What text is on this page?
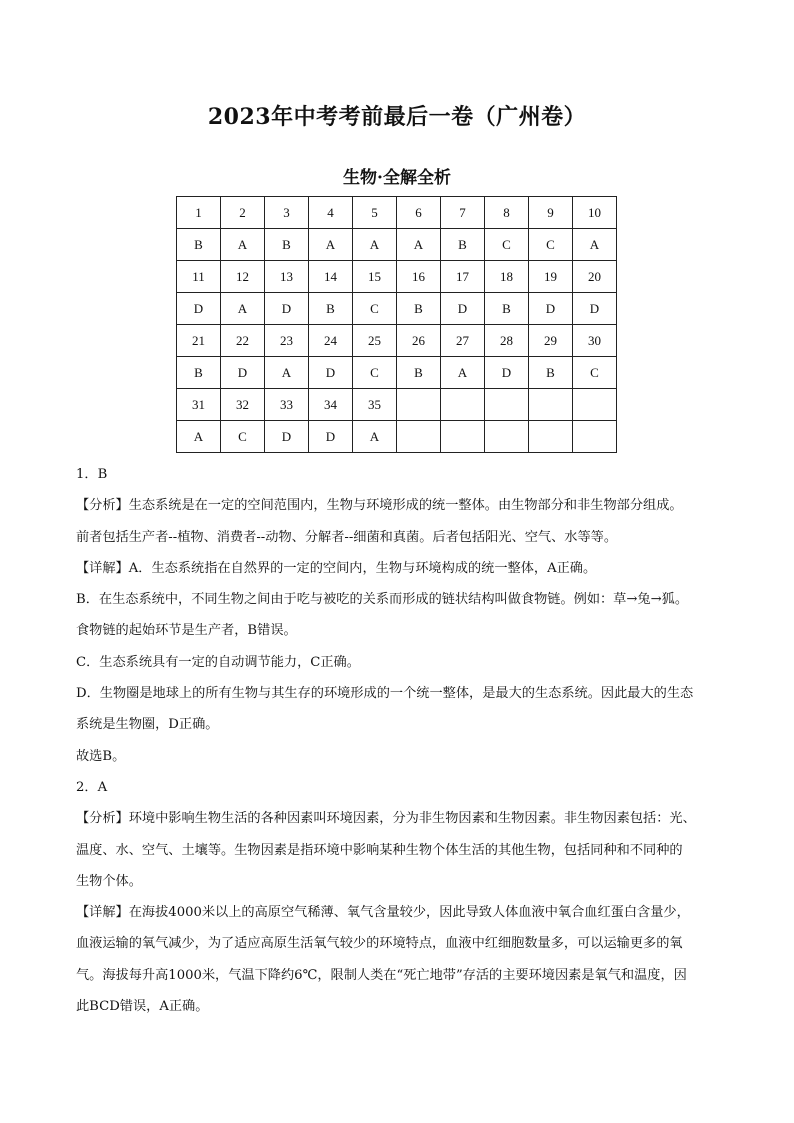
2023年中考考前最后一卷（广州卷）
生物·全解全析
1	2	3	4	5	6	7	8	9	10
B	A	B	A	A	A	B	C	C	A
11	12	13	14	15	16	17	18	19	20
D	A	D	B	C	B	D	B	D	D
21	22	23	24	25	26	27	28	29	30
B	D	A	D	C	B	A	D	B	C
31	32	33	34	35					
A	C	D	D	A					

1．B

【分析】生态系统是在一定的空间范围内，生物与环境形成的统一整体。由生物部分和非生物部分组成。

前者包括生产者--植物、消费者--动物、分解者--细菌和真菌。后者包括阳光、空气、水等等。

【详解】A．生态系统指在自然界的一定的空间内，生物与环境构成的统一整体，A正确。

B．在生态系统中，不同生物之间由于吃与被吃的关系而形成的链状结构叫做食物链。例如：草→兔→狐。

食物链的起始环节是生产者，B错误。

C．生态系统具有一定的自动调节能力，C正确。

D．生物圈是地球上的所有生物与其生存的环境形成的一个统一整体，是最大的生态系统。因此最大的生态

系统是生物圈，D正确。

故选B。

2．A

【分析】环境中影响生物生活的各种因素叫环境因素，分为非生物因素和生物因素。非生物因素包括：光、

温度、水、空气、土壤等。生物因素是指环境中影响某种生物个体生活的其他生物，包括同种和不同种的

生物个体。

【详解】在海拔4000米以上的高原空气稀薄、氧气含量较少，因此导致人体血液中氧合血红蛋白含量少，

血液运输的氧气减少，为了适应高原生活氧气较少的环境特点，血液中红细胞数量多，可以运输更多的氧

气。海拔每升高1000米，气温下降约6℃，限制人类在“死亡地带”存活的主要环境因素是氧气和温度，因

此BCD错误，A正确。
